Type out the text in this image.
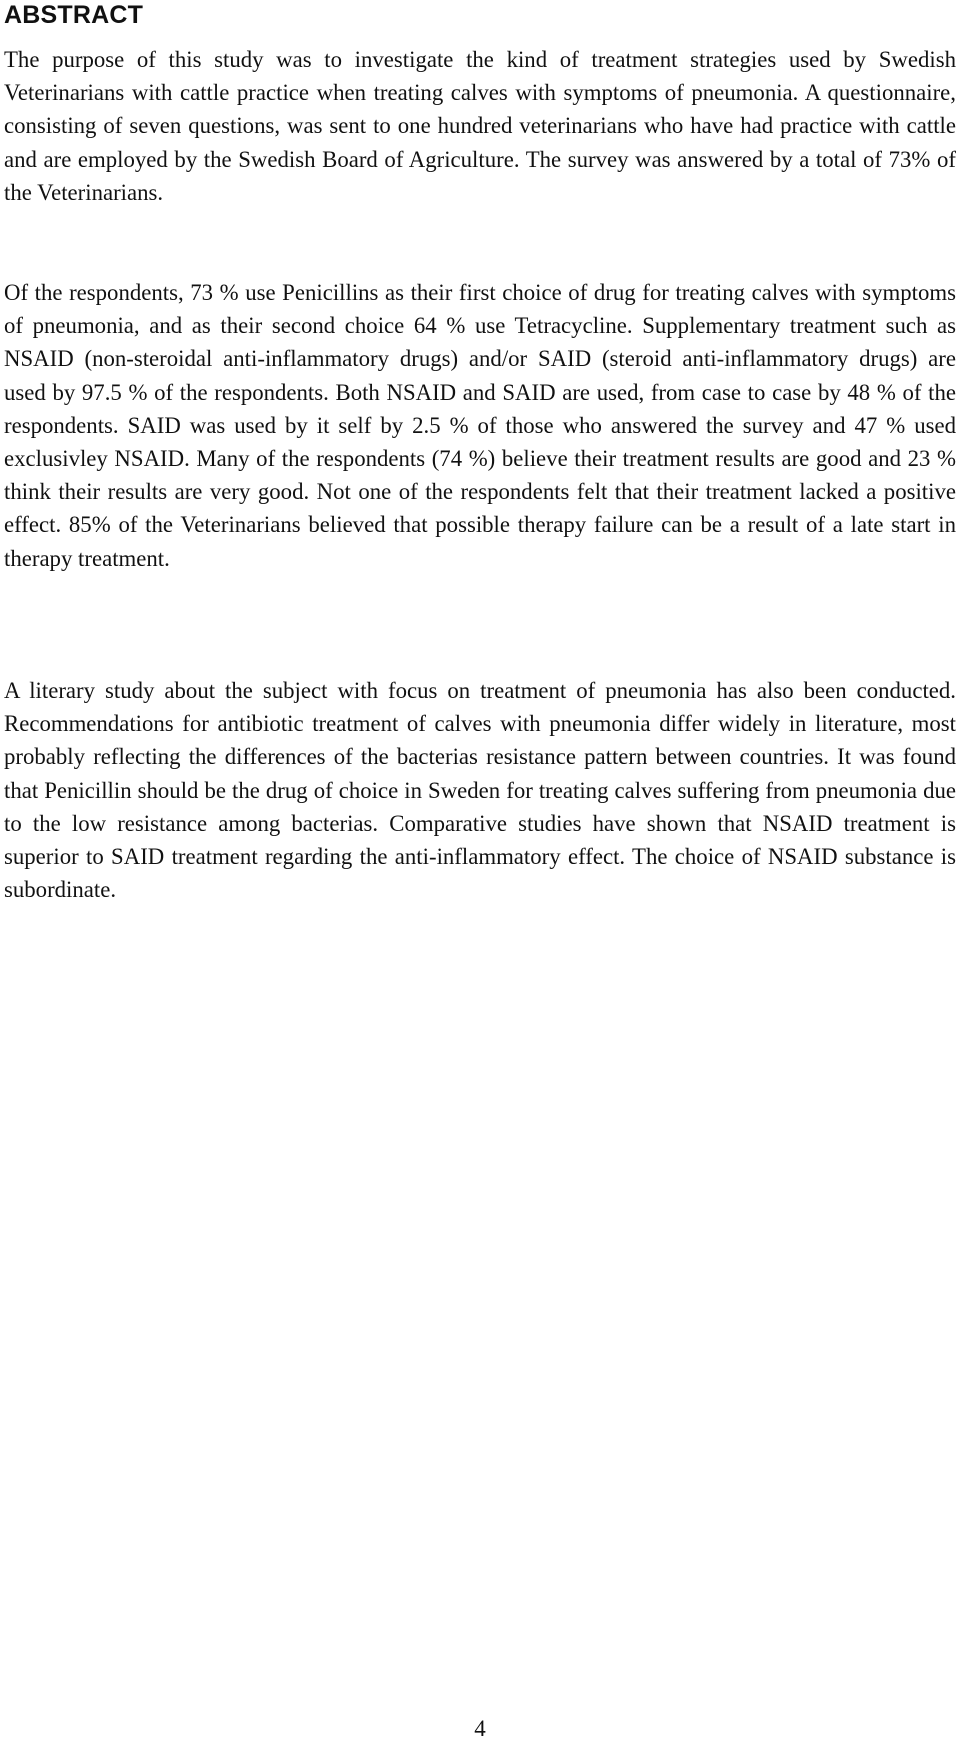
ABSTRACT

The purpose of this study was to investigate the kind of treatment strategies used by Swedish Veterinarians with cattle practice when treating calves with symptoms of pneumonia. A questionnaire, consisting of seven questions, was sent to one hundred veterinarians who have had practice with cattle and are employed by the Swedish Board of Agriculture. The survey was answered by a total of 73% of the Veterinarians.

Of the respondents, 73 % use Penicillins as their first choice of drug for treating calves with symptoms of pneumonia, and as their second choice 64 % use Tetracycline. Supplementary treatment such as NSAID (non-steroidal anti-inflammatory drugs) and/or SAID (steroid anti-inflammatory drugs) are used by 97.5 % of the respondents. Both NSAID and SAID are used, from case to case by 48 % of the respondents. SAID was used by it self by 2.5 % of those who answered the survey and 47 % used exclusivley NSAID. Many of the respondents (74 %) believe their treatment results are good and 23 % think their results are very good. Not one of the respondents felt that their treatment lacked a positive effect. 85% of the Veterinarians believed that possible therapy failure can be a result of a late start in therapy treatment.

A literary study about the subject with focus on treatment of pneumonia has also been conducted. Recommendations for antibiotic treatment of calves with pneumonia differ widely in literature, most probably reflecting the differences of the bacterias resistance pattern between countries. It was found that Penicillin should be the drug of choice in Sweden for treating calves suffering from pneumonia due to the low resistance among bacterias. Comparative studies have shown that NSAID treatment is superior to SAID treatment regarding the anti-inflammatory effect. The choice of NSAID substance is subordinate.

4
